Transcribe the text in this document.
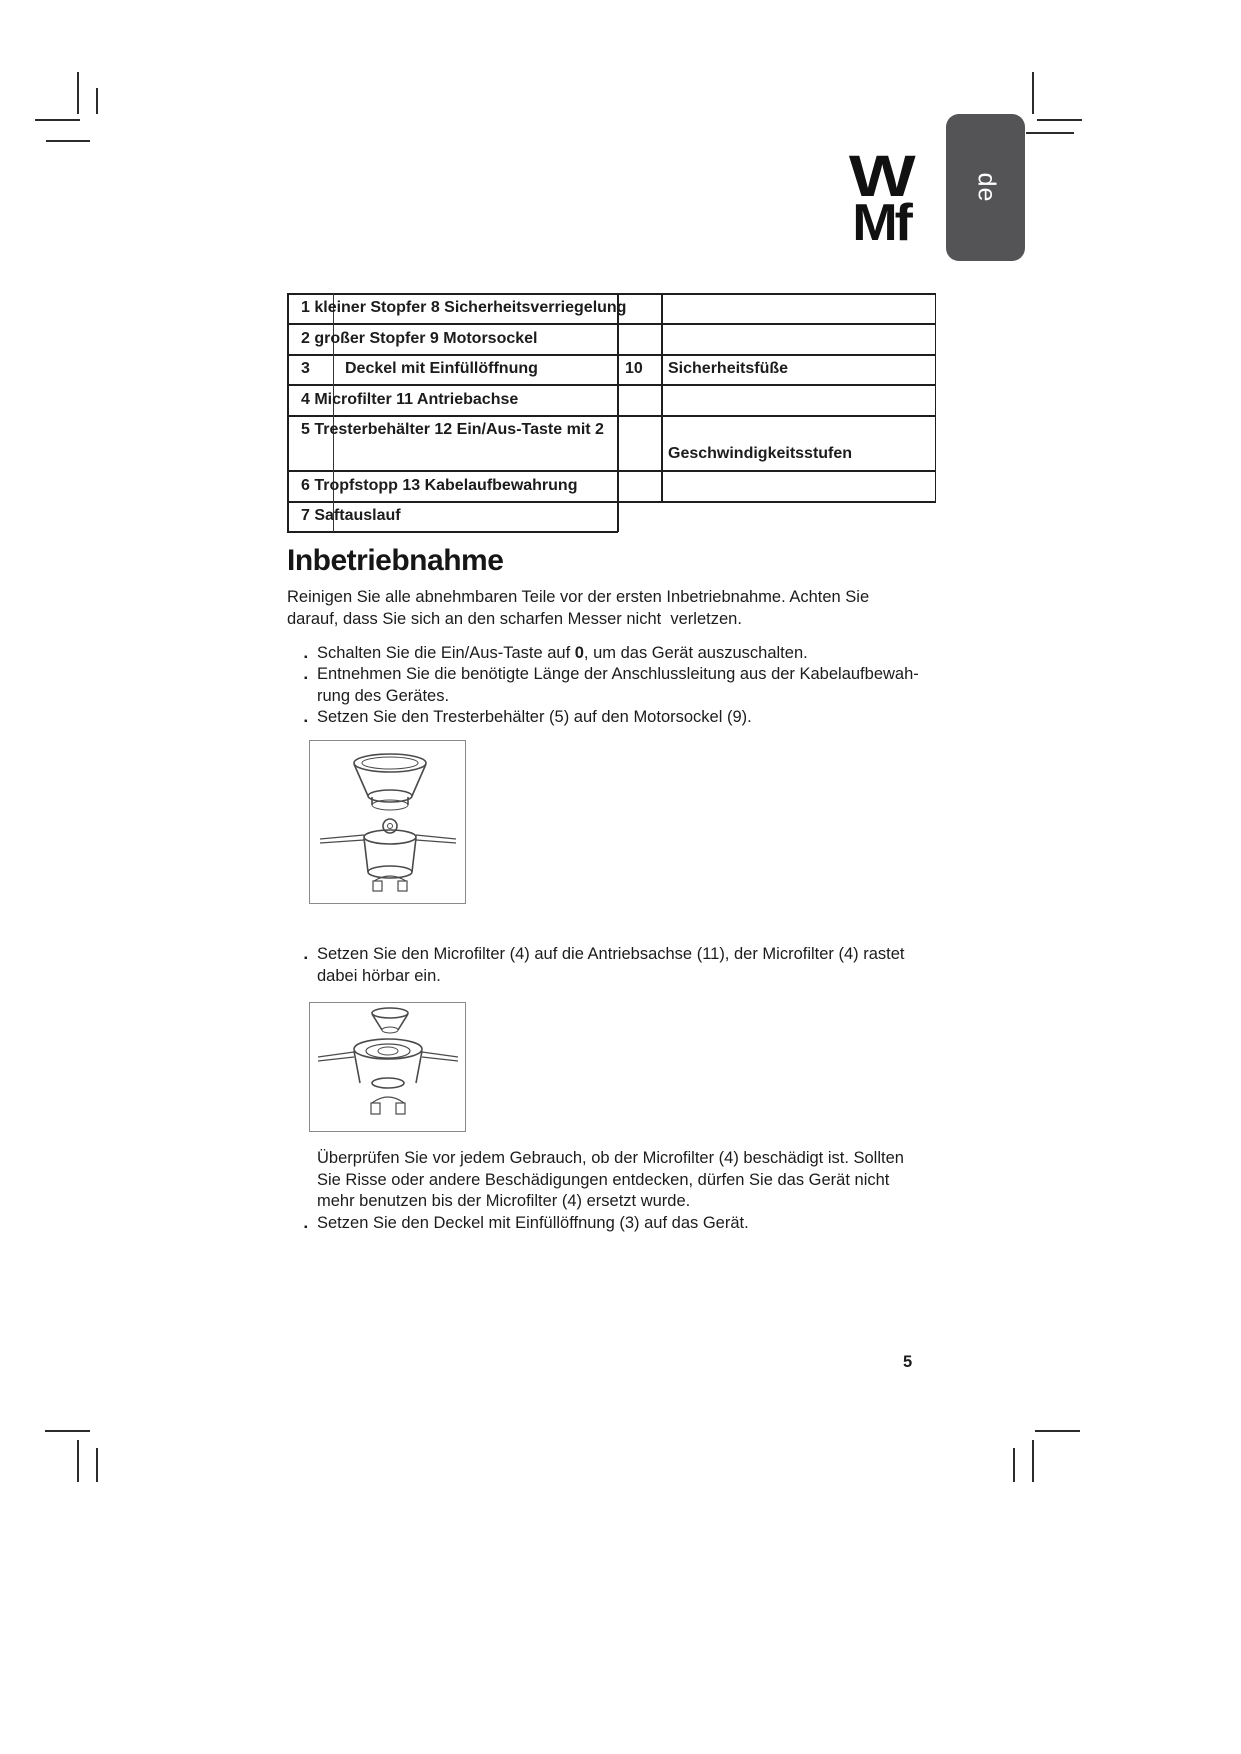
W
Mf
de
1 kleiner Stopfer 8 Sicherheitsverriegelung
2 großer Stopfer 9 Motorsockel
3 Deckel mit Einfüllöffnung	10 Sicherheitsfüße
4 Microfilter 11 Antriebachse
5 Tresterbehälter 12 Ein/Aus-Taste mit 2
Geschwindigkeitsstufen
6 Tropfstopp 13 Kabelaufbewahrung
7 Saftauslauf
Inbetriebnahme
Reinigen Sie alle abnehmbaren Teile vor der ersten Inbetriebnahme. Achten Sie
darauf, dass Sie sich an den scharfen Messer nicht  verletzen.
▪ Schalten Sie die Ein/Aus-Taste auf 0, um das Gerät auszuschalten.
▪ Entnehmen Sie die benötigte Länge der Anschlussleitung aus der Kabelaufbewah-
rung des Gerätes.
▪ Setzen Sie den Tresterbehälter (5) auf den Motorsockel (9).
▪ Setzen Sie den Microfilter (4) auf die Antriebsachse (11), der Microfilter (4) rastet
dabei hörbar ein.
Überprüfen Sie vor jedem Gebrauch, ob der Microfilter (4) beschädigt ist. Sollten
Sie Risse oder andere Beschädigungen entdecken, dürfen Sie das Gerät nicht
mehr benutzen bis der Microfilter (4) ersetzt wurde.
▪ Setzen Sie den Deckel mit Einfüllöffnung (3) auf das Gerät.
5
